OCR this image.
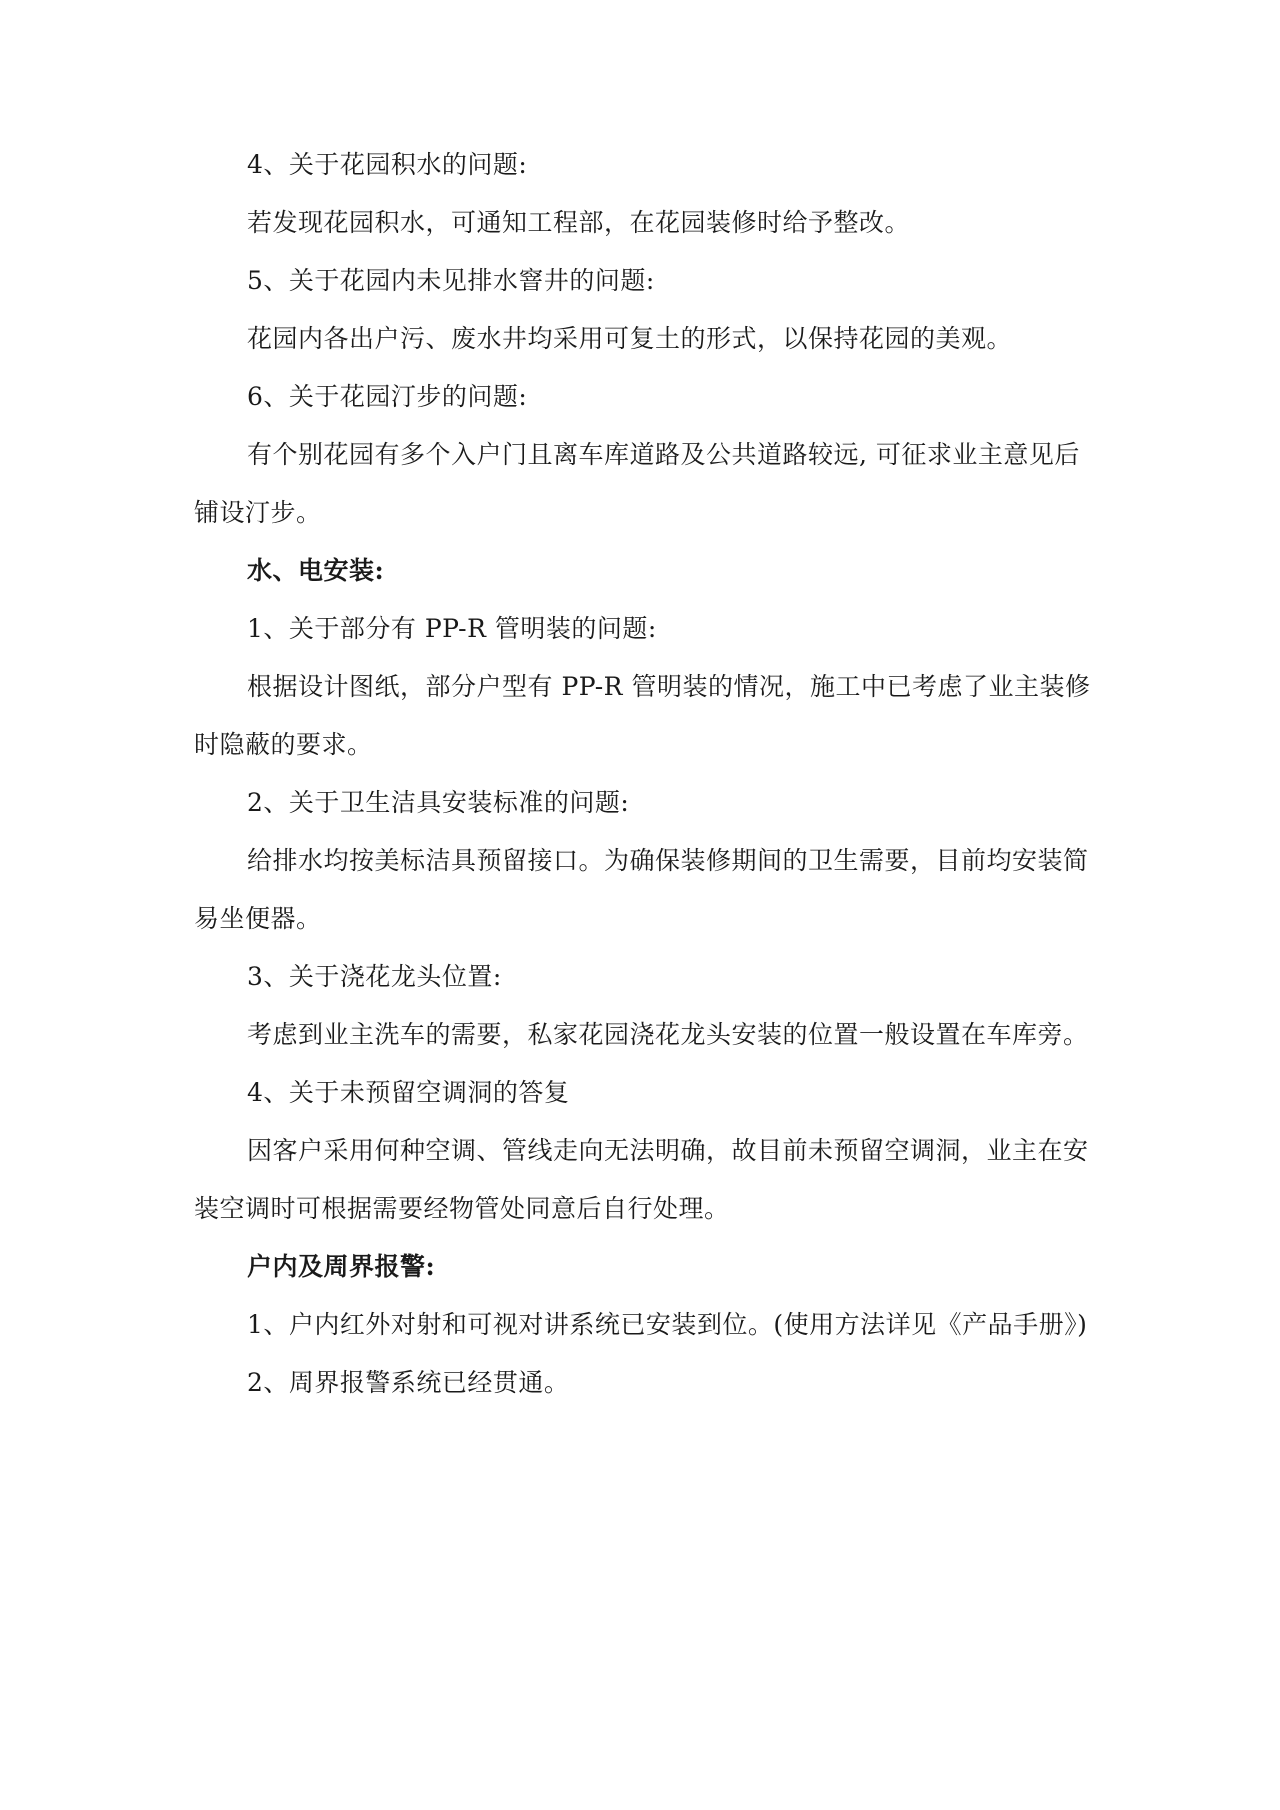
4、关于花园积水的问题:
若发现花园积水，可通知工程部，在花园装修时给予整改。
5、关于花园内未见排水窨井的问题:
花园内各出户污、废水井均采用可复土的形式，以保持花园的美观。
6、关于花园汀步的问题:
有个别花园有多个入户门且离车库道路及公共道路较远, 可征求业主意见后
铺设汀步。
水、电安装:
1、关于部分有 PP-R 管明装的问题:
根据设计图纸，部分户型有 PP-R 管明装的情况，施工中已考虑了业主装修
时隐蔽的要求。
2、关于卫生洁具安装标准的问题:
给排水均按美标洁具预留接口。为确保装修期间的卫生需要，目前均安装简
易坐便器。
3、关于浇花龙头位置:
考虑到业主洗车的需要，私家花园浇花龙头安装的位置一般设置在车库旁。
4、关于未预留空调洞的答复
因客户采用何种空调、管线走向无法明确，故目前未预留空调洞，业主在安
装空调时可根据需要经物管处同意后自行处理。
户内及周界报警:
1、户内红外对射和可视对讲系统已安装到位。(使用方法详见《产品手册》)
2、周界报警系统已经贯通。
